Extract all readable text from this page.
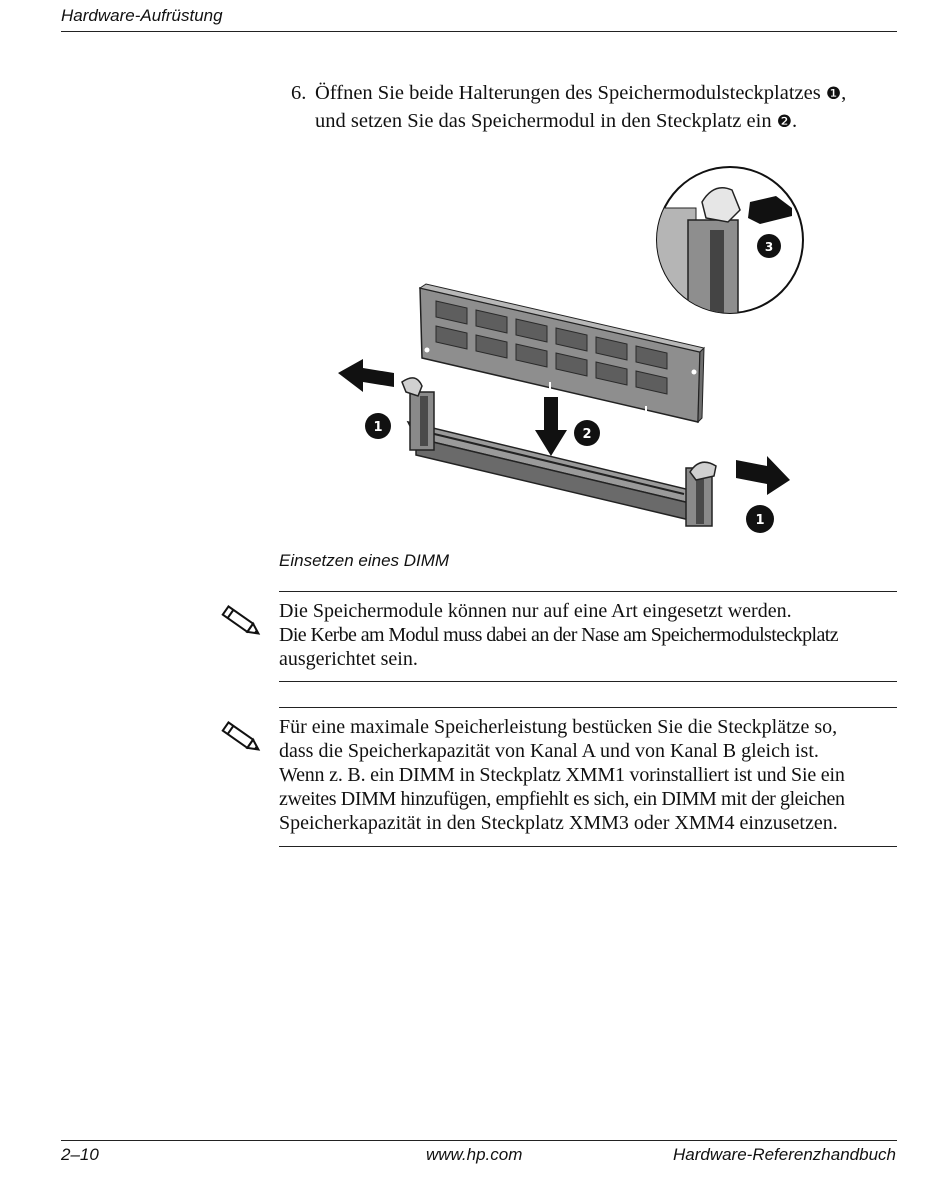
Hardware-Aufrüstung
6. Öffnen Sie beide Halterungen des Speichermodulsteckplatzes ❶,
und setzen Sie das Speichermodul in den Steckplatz ein ❷.
1	2
1
3
Einsetzen eines DIMM

Die Speichermodule können nur auf eine Art eingesetzt werden.

Die Kerbe am Modul muss dabei an der Nase am Speichermodulsteckplatz

ausgerichtet sein.

Für eine maximale Speicherleistung bestücken Sie die Steckplätze so,

dass die Speicherkapazität von Kanal A und von Kanal B gleich ist.

Wenn z. B. ein DIMM in Steckplatz XMM1 vorinstalliert ist und Sie ein

zweites DIMM hinzufügen, empfiehlt es sich, ein DIMM mit der gleichen

Speicherkapazität in den Steckplatz XMM3 oder XMM4 einzusetzen.

2–10	www.hp.com	Hardware-Referenzhandbuch
